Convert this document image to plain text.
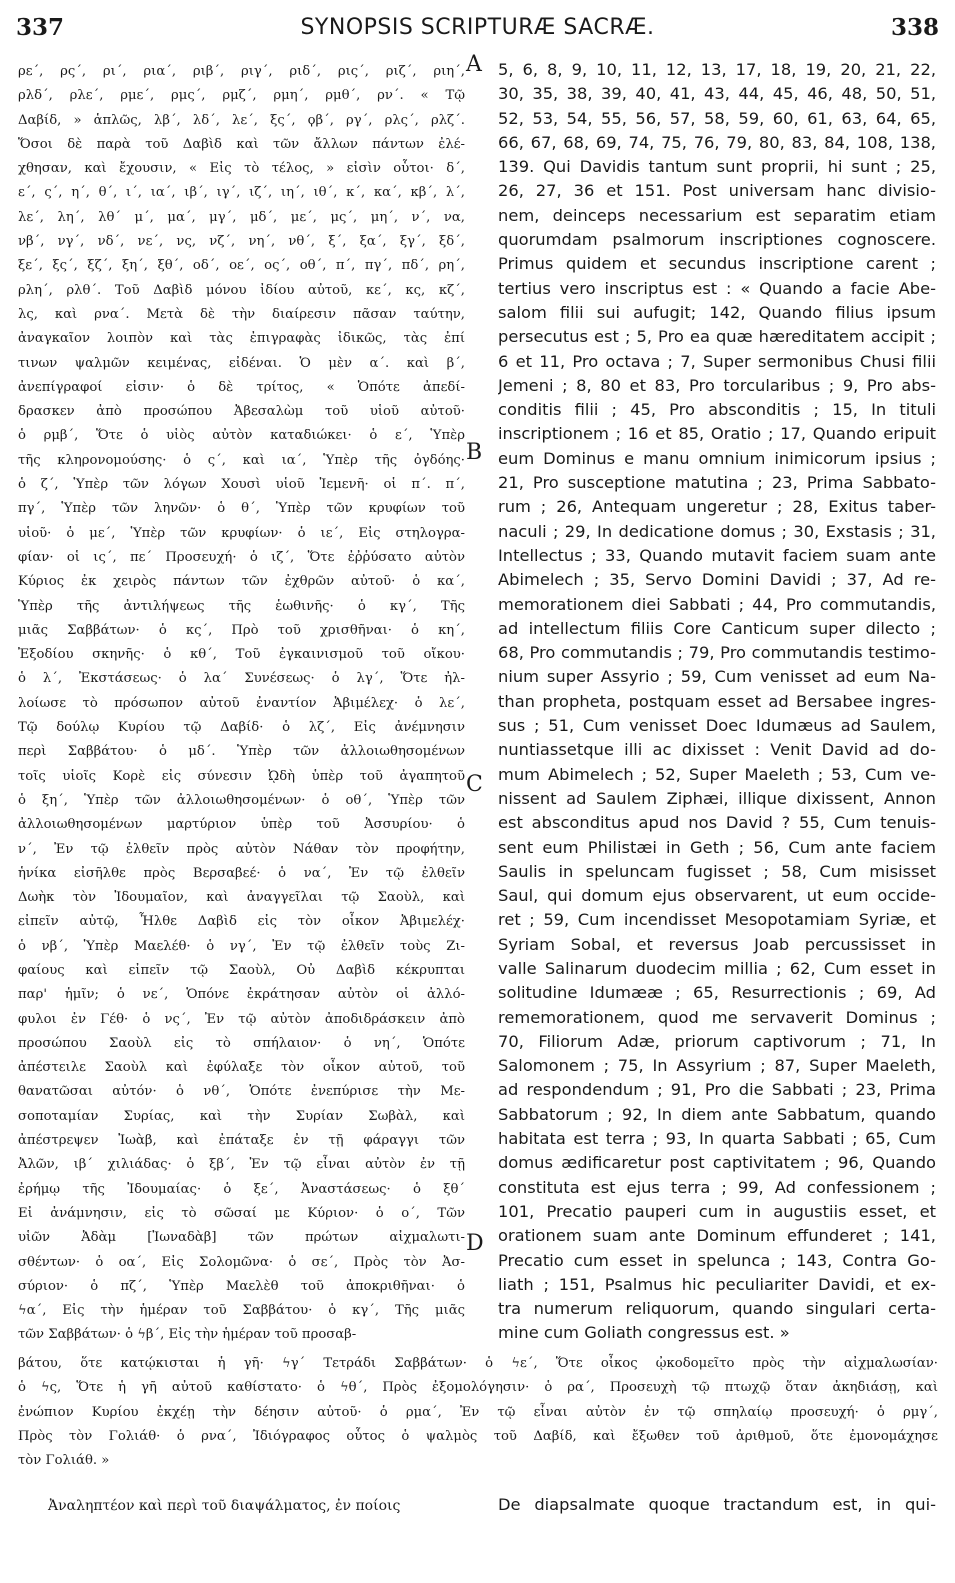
337	SYNOPSIS SCRIPTURÆ SACRÆ.	338
ρε΄, ρς΄, ρι΄, ρια΄, ριβ΄, ριγ΄, ριδ΄, ρις΄, ριζ΄, ριη΄,
ρλδ΄, ρλε΄, ρμε΄, ρμς΄, ρμζ΄, ρμη΄, ρμθ΄, ρν΄. « Τῷ
Δαβίδ, » ἁπλῶς, λβ΄, λδ΄, λε΄, ξς΄, ϙβ΄, ργ΄, ρλς΄, ρλζ΄.
Ὅσοι δὲ παρὰ τοῦ Δαβὶδ καὶ τῶν ἄλλων πάντων ἐλέ-
χθησαν, καὶ ἔχουσιν, « Εἰς τὸ τέλος, » εἰσὶν οὗτοι· δ΄,
ε΄, ς΄, η΄, θ΄, ι΄, ια΄, ιβ΄, ιγ΄, ιζ΄, ιη΄, ιθ΄, κ΄, κα΄, κβ΄, λ΄,
λε΄, λη΄, λθ΄ μ΄, μα΄, μγ΄, μδ΄, με΄, μς΄, μη΄, ν΄, να,
νβ΄, νγ΄, νδ΄, νε΄, νς, νζ΄, νη΄, νθ΄, ξ΄, ξα΄, ξγ΄, ξδ΄,
ξε΄, ξς΄, ξζ΄, ξη΄, ξθ΄, οδ΄, οε΄, ος΄, οθ΄, π΄, πγ΄, πδ΄, ρη΄,
ρλη΄, ρλθ΄. Τοῦ Δαβὶδ μόνου ἰδίου αὐτοῦ, κε΄, κς, κζ΄,
λς, καὶ ρνα΄. Μετὰ δὲ τὴν διαίρεσιν πᾶσαν ταύτην,
ἀναγκαῖον λοιπὸν καὶ τὰς ἐπιγραφὰς ἰδικῶς, τὰς ἐπί
τινων ψαλμῶν κειμένας, εἰδέναι. Ὁ μὲν α΄. καὶ β΄,
ἀνεπίγραφοί εἰσιν· ὁ δὲ τρίτος, « Ὁπότε ἀπεδί-
δρασκεν ἀπὸ προσώπου Ἀβεσαλὼμ τοῦ υἱοῦ αὐτοῦ·
ὁ ρμβ΄, Ὅτε ὁ υἱὸς αὐτὸν καταδιώκει· ὁ ε΄, Ὑπὲρ
τῆς κληρονομούσης· ὁ ς΄, καὶ ια΄, Ὑπὲρ τῆς ὀγδόης·
ὁ ζ΄, Ὑπὲρ τῶν λόγων Χουσὶ υἱοῦ Ἰεμενῆ· οἱ π΄. π΄,
πγ΄, Ὑπὲρ τῶν ληνῶν· ὁ θ΄, Ὑπὲρ τῶν κρυφίων τοῦ
υἱοῦ· ὁ με΄, Ὑπὲρ τῶν κρυφίων· ὁ ιε΄, Εἰς στηλογρα-
φίαν· οἱ ις΄, πε΄ Προσευχή· ὁ ιζ΄, Ὅτε ἐῤῥύσατο αὐτὸν
Κύριος ἐκ χειρὸς πάντων τῶν ἐχθρῶν αὐτοῦ· ὁ κα΄,
Ὑπὲρ τῆς ἀντιλήψεως τῆς ἑωθινῆς· ὁ κγ΄, Τῆς
μιᾶς Σαββάτων· ὁ κς΄, Πρὸ τοῦ χρισθῆναι· ὁ κη΄,
Ἐξοδίου σκηνῆς· ὁ κθ΄, Τοῦ ἐγκαινισμοῦ τοῦ οἴκου·
ὁ λ΄, Ἐκστάσεως· ὁ λα΄ Συνέσεως· ὁ λγ΄, Ὅτε ἠλ-
λοίωσε τὸ πρόσωπον αὐτοῦ ἐναντίον Ἀβιμέλεχ· ὁ λε΄,
Τῷ δούλῳ Κυρίου τῷ Δαβίδ· ὁ λζ΄, Εἰς ἀνέμνησιν
περὶ Σαββάτου· ὁ μδ΄. Ὑπὲρ τῶν ἀλλοιωθησομένων
τοῖς υἱοῖς Κορὲ εἰς σύνεσιν ᾨδὴ ὑπὲρ τοῦ ἀγαπητοῦ
ὁ ξη΄, Ὑπὲρ τῶν ἀλλοιωθησομένων· ὁ οθ΄, Ὑπὲρ τῶν
ἀλλοιωθησομένων μαρτύριον ὑπὲρ τοῦ Ἀσσυρίου· ὁ
ν΄, Ἐν τῷ ἐλθεῖν πρὸς αὐτὸν Νάθαν τὸν προφήτην,
ἡνίκα εἰσῆλθε πρὸς Βερσαβεέ· ὁ να΄, Ἐν τῷ ἐλθεῖν
Δωὴκ τὸν Ἰδουμαῖον, καὶ ἀναγγεῖλαι τῷ Σαοὺλ, καὶ
εἰπεῖν αὐτῷ, Ἦλθε Δαβὶδ εἰς τὸν οἶκον Ἀβιμελέχ·
ὁ νβ΄, Ὑπὲρ Μαελέθ· ὁ νγ΄, Ἐν τῷ ἐλθεῖν τοὺς Ζι-
φαίους καὶ εἰπεῖν τῷ Σαοὺλ, Οὐ Δαβὶδ κέκρυπται
παρ' ἡμῖν; ὁ νε΄, Ὁπόνε ἐκράτησαν αὐτὸν οἱ ἀλλό-
φυλοι ἐν Γέθ· ὁ νς΄, Ἐν τῷ αὐτὸν ἀποδιδράσκειν ἀπὸ
προσώπου Σαοὺλ εἰς τὸ σπήλαιον· ὁ νη΄, Ὁπότε
ἀπέστειλε Σαοὺλ καὶ ἐφύλαξε τὸν οἶκον αὐτοῦ, τοῦ
θανατῶσαι αὐτόν· ὁ νθ΄, Ὁπότε ἐνεπύρισε τὴν Με-
σοποταμίαν Συρίας, καὶ τὴν Συρίαν Σωβὰλ, καὶ
ἀπέστρεψεν Ἰωὰβ, καὶ ἐπάταξε ἐν τῇ φάραγγι τῶν
Ἀλῶν, ιβ΄ χιλιάδας· ὁ ξβ΄, Ἐν τῷ εἶναι αὐτὸν ἐν τῇ
ἐρήμῳ τῆς Ἰδουμαίας· ὁ ξε΄, Ἀναστάσεως· ὁ ξθ΄
Εἰ ἀνάμνησιν, εἰς τὸ σῶσαί με Κύριον· ὁ ο΄, Τῶν
υἱῶν Ἀδὰμ [Ἰωναδὰβ] τῶν πρώτων αἰχμαλωτι-
σθέντων· ὁ οα΄, Εἰς Σολομῶνα· ὁ σε΄, Πρὸς τὸν Ἀσ-
σύριον· ὁ πζ΄, Ὑπὲρ Μαελὲθ τοῦ ἀποκριθῆναι· ὁ
ϟα΄, Εἰς τὴν ἡμέραν τοῦ Σαββάτου· ὁ κγ΄, Τῆς μιᾶς
τῶν Σαββάτων· ὁ ϟβ΄, Εἰς τὴν ἡμέραν τοῦ προσαβ-
5, 6, 8, 9, 10, 11, 12, 13, 17, 18, 19, 20, 21, 22,
30, 35, 38, 39, 40, 41, 43, 44, 45, 46, 48, 50, 51,
52, 53, 54, 55, 56, 57, 58, 59, 60, 61, 63, 64, 65,
66, 67, 68, 69, 74, 75, 76, 79, 80, 83, 84, 108, 138,
139. Qui Davidis tantum sunt proprii, hi sunt ; 25,
26, 27, 36 et 151. Post universam hanc divisio-
nem, deinceps necessarium est separatim etiam
quorumdam psalmorum inscriptiones cognoscere.
Primus quidem et secundus inscriptione carent ;
tertius vero inscriptus est : « Quando a facie Abe-
salom filii sui aufugit; 142, Quando filius ipsum
persecutus est ; 5, Pro ea quæ hæreditatem accipit ;
6 et 11, Pro octava ; 7, Super sermonibus Chusi filii
Jemeni ; 8, 80 et 83, Pro torcularibus ; 9, Pro abs-
conditis filii ; 45, Pro absconditis ; 15, In tituli
inscriptionem ; 16 et 85, Oratio ; 17, Quando eripuit
eum Dominus e manu omnium inimicorum ipsius ;
21, Pro susceptione matutina ; 23, Prima Sabbato-
rum ; 26, Antequam ungeretur ; 28, Exitus taber-
naculi ; 29, In dedicatione domus ; 30, Exstasis ; 31,
Intellectus ; 33, Quando mutavit faciem suam ante
Abimelech ; 35, Servo Domini Davidi ; 37, Ad re-
memorationem diei Sabbati ; 44, Pro commutandis,
ad intellectum filiis Core Canticum super dilecto ;
68, Pro commutandis ; 79, Pro commutandis testimo-
nium super Assyrio ; 59, Cum venisset ad eum Na-
than propheta, postquam esset ad Bersabee ingres-
sus ; 51, Cum venisset Doec Idumæus ad Saulem,
nuntiassetque illi ac dixisset : Venit David ad do-
mum Abimelech ; 52, Super Maeleth ; 53, Cum ve-
nissent ad Saulem Ziphæi, illique dixissent, Annon
est absconditus apud nos David ? 55, Cum tenuis-
sent eum Philistæi in Geth ; 56, Cum ante faciem
Saulis in speluncam fugisset ; 58, Cum misisset
Saul, qui domum ejus observarent, ut eum occide-
ret ; 59, Cum incendisset Mesopotamiam Syriæ, et
Syriam Sobal, et reversus Joab percussisset in
valle Salinarum duodecim millia ; 62, Cum esset in
solitudine Idumææ ; 65, Resurrectionis ; 69, Ad
rememorationem, quod me servaverit Dominus ;
70, Filiorum Adæ, priorum captivorum ; 71, In
Salomonem ; 75, In Assyrium ; 87, Super Maeleth,
ad respondendum ; 91, Pro die Sabbati ; 23, Prima
Sabbatorum ; 92, In diem ante Sabbatum, quando
habitata est terra ; 93, In quarta Sabbati ; 65, Cum
domus ædificaretur post captivitatem ; 96, Quando
constituta est ejus terra ; 99, Ad confessionem ;
101, Precatio pauperi cum in augustiis esset, et
orationem suam ante Dominum effunderet ; 141,
Precatio cum esset in spelunca ; 143, Contra Go-
liath ; 151, Psalmus hic peculiariter Davidi, et ex-
tra numerum reliquorum, quando singulari certa-
mine cum Goliath congressus est. »
A
B
C
D
βάτου, ὅτε κατῴκισται ἡ γῆ· ϟγ΄ Τετράδι Σαββάτων· ὁ ϟε΄, Ὅτε οἶκος ᾠκοδομεῖτο πρὸς τὴν αἰχμαλωσίαν·
ὁ ϟς, Ὅτε ἡ γῆ αὐτοῦ καθίστατο· ὁ ϟθ΄, Πρὸς ἐξομολόγησιν· ὁ ρα΄, Προσευχὴ τῷ πτωχῷ ὅταν ἀκηδιάσῃ, καὶ
ἐνώπιον Κυρίου ἐκχέῃ τὴν δέησιν αὐτοῦ· ὁ ρμα΄, Ἐν τῷ εἶναι αὐτὸν ἐν τῷ σπηλαίῳ προσευχή· ὁ ρμγ΄,
Πρὸς τὸν Γολιάθ· ὁ ρνα΄, Ἰδιόγραφος οὗτος ὁ ψαλμὸς τοῦ Δαβίδ, καὶ ἔξωθεν τοῦ ἀριθμοῦ, ὅτε ἐμονομάχησε
τὸν Γολιάθ. »
Ἀναληπτέον καὶ περὶ τοῦ διαψάλματος, ἐν ποίοις	De diapsalmate quoque tractandum est, in qui-
